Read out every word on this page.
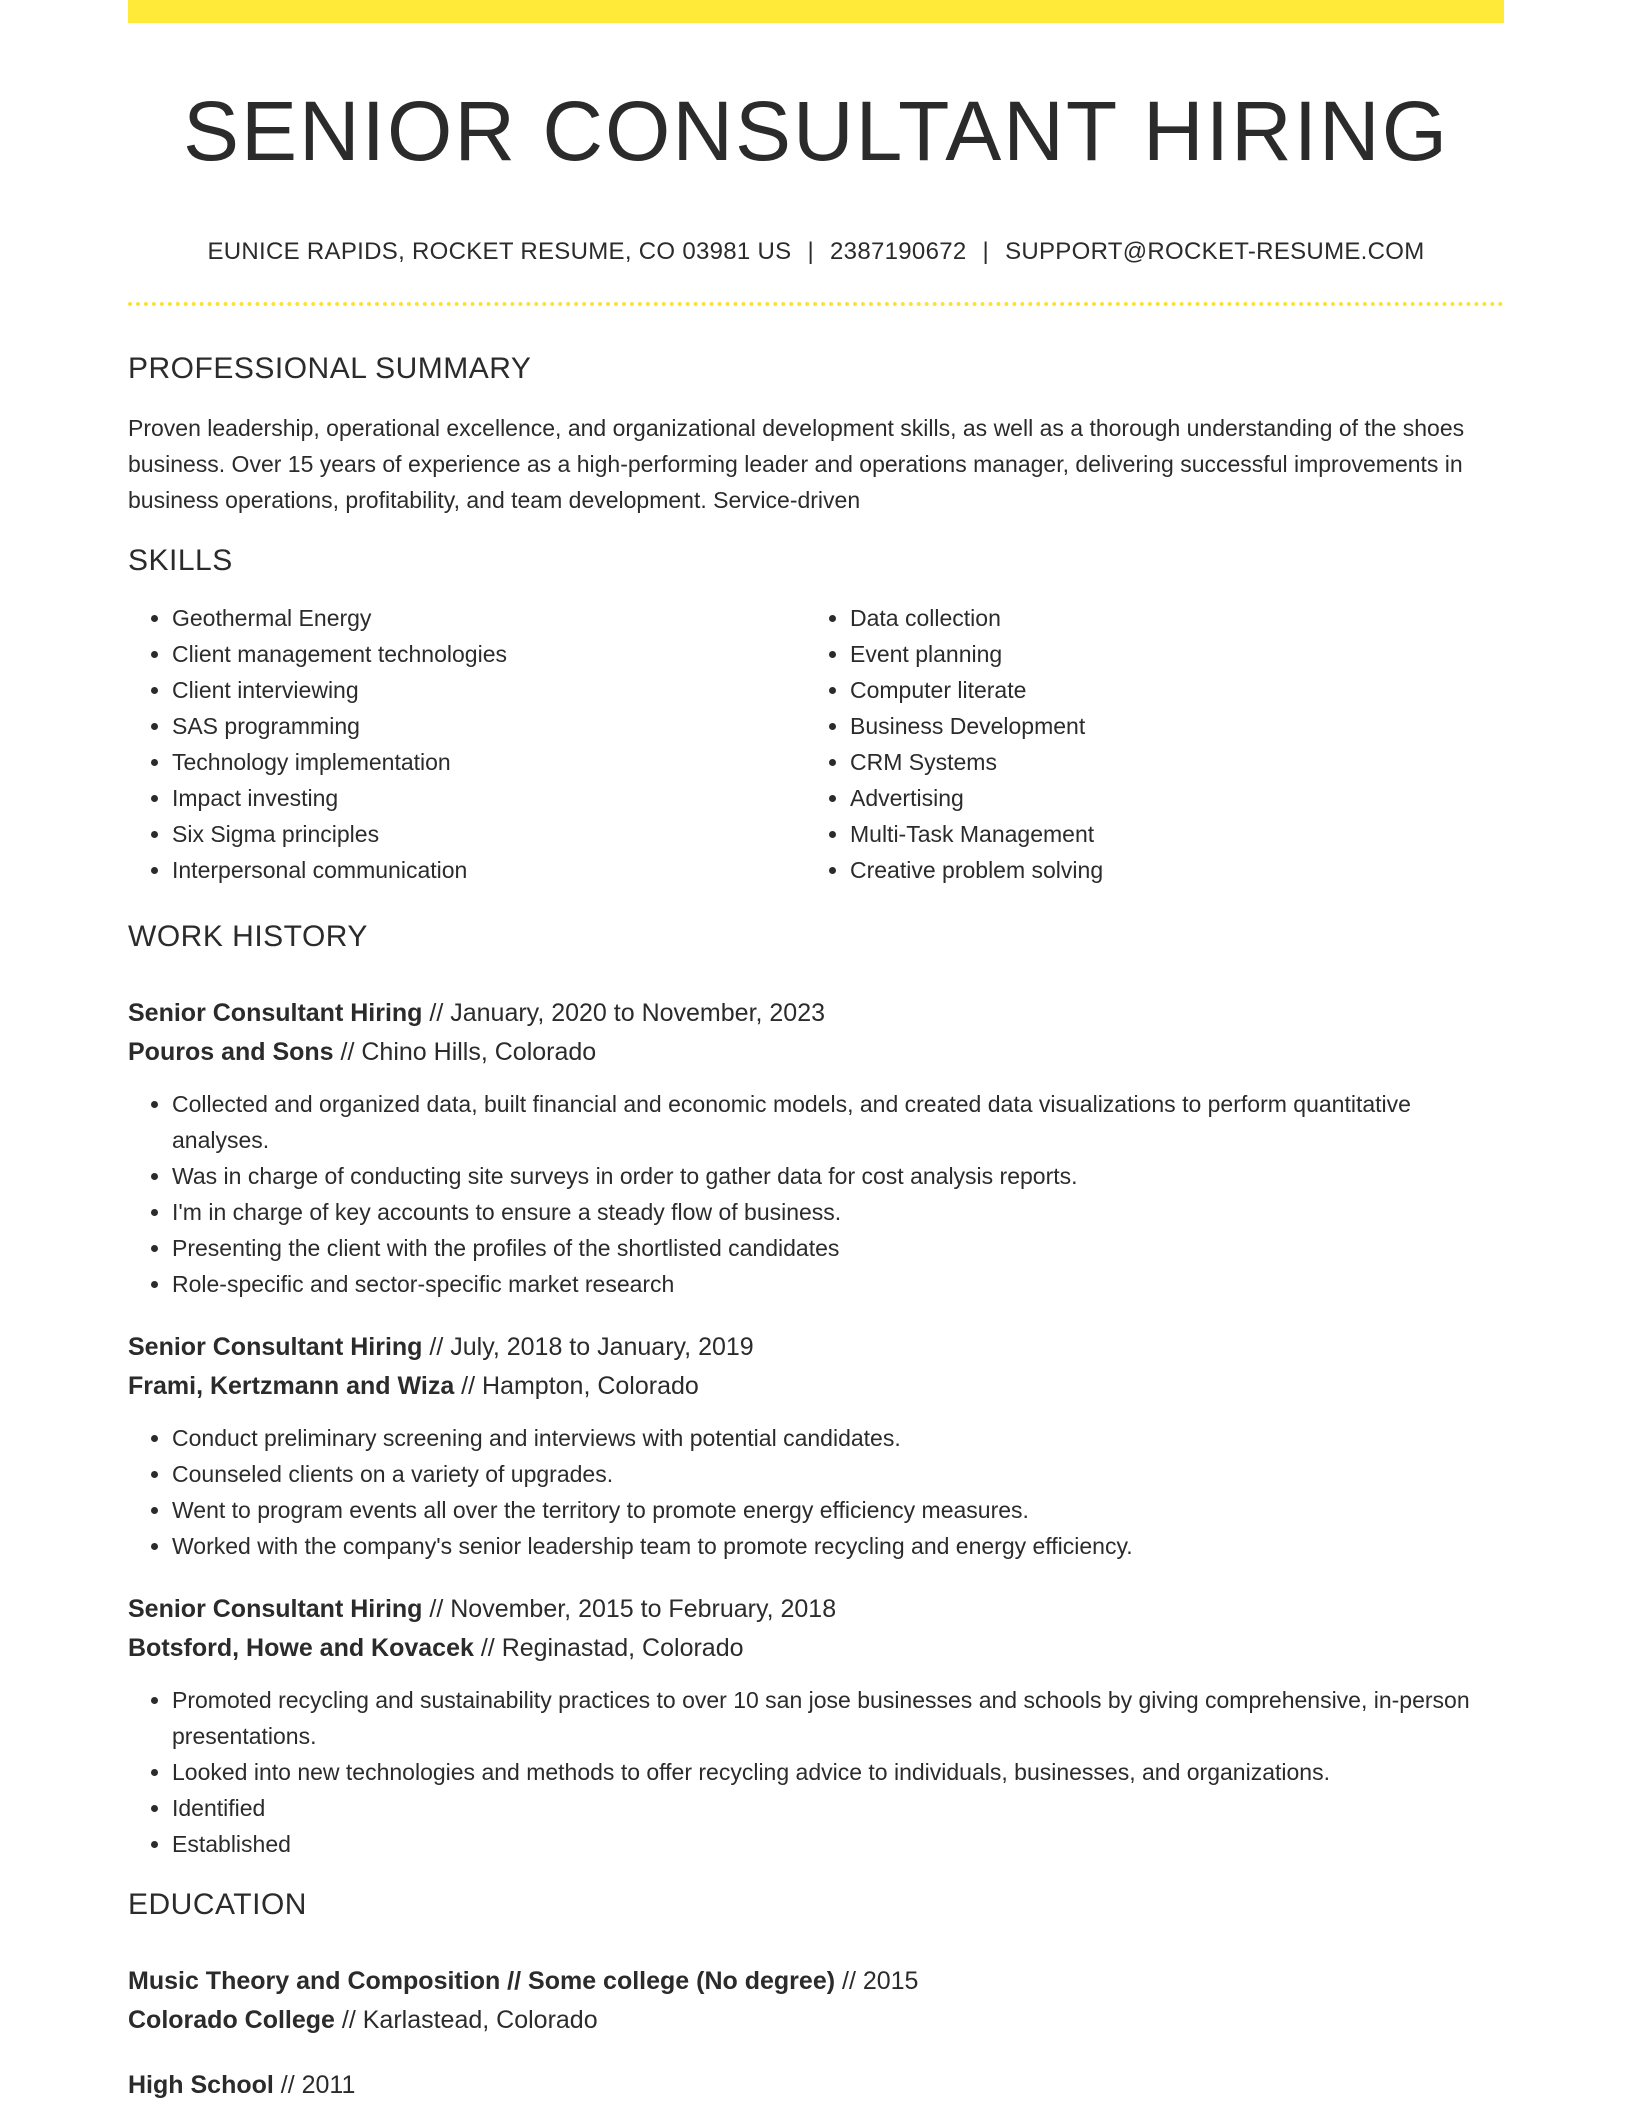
SENIOR CONSULTANT HIRING
EUNICE RAPIDS, ROCKET RESUME, CO 03981 US | 2387190672 | SUPPORT@ROCKET-RESUME.COM
PROFESSIONAL SUMMARY
Proven leadership, operational excellence, and organizational development skills, as well as a thorough understanding of the shoes business. Over 15 years of experience as a high-performing leader and operations manager, delivering successful improvements in business operations, profitability, and team development. Service-driven
SKILLS
• Geothermal Energy
• Client management technologies
• Client interviewing
• SAS programming
• Technology implementation
• Impact investing
• Six Sigma principles
• Interpersonal communication
• Data collection
• Event planning
• Computer literate
• Business Development
• CRM Systems
• Advertising
• Multi-Task Management
• Creative problem solving
WORK HISTORY
Senior Consultant Hiring // January, 2020 to November, 2023
Pouros and Sons // Chino Hills, Colorado
• Collected and organized data, built financial and economic models, and created data visualizations to perform quantitative analyses.
• Was in charge of conducting site surveys in order to gather data for cost analysis reports.
• I'm in charge of key accounts to ensure a steady flow of business.
• Presenting the client with the profiles of the shortlisted candidates
• Role-specific and sector-specific market research
Senior Consultant Hiring // July, 2018 to January, 2019
Frami, Kertzmann and Wiza // Hampton, Colorado
• Conduct preliminary screening and interviews with potential candidates.
• Counseled clients on a variety of upgrades.
• Went to program events all over the territory to promote energy efficiency measures.
• Worked with the company's senior leadership team to promote recycling and energy efficiency.
Senior Consultant Hiring // November, 2015 to February, 2018
Botsford, Howe and Kovacek // Reginastad, Colorado
• Promoted recycling and sustainability practices to over 10 san jose businesses and schools by giving comprehensive, in-person presentations.
• Looked into new technologies and methods to offer recycling advice to individuals, businesses, and organizations.
• Identified
• Established
EDUCATION
Music Theory and Composition // Some college (No degree) // 2015
Colorado College // Karlastead, Colorado
High School // 2011
